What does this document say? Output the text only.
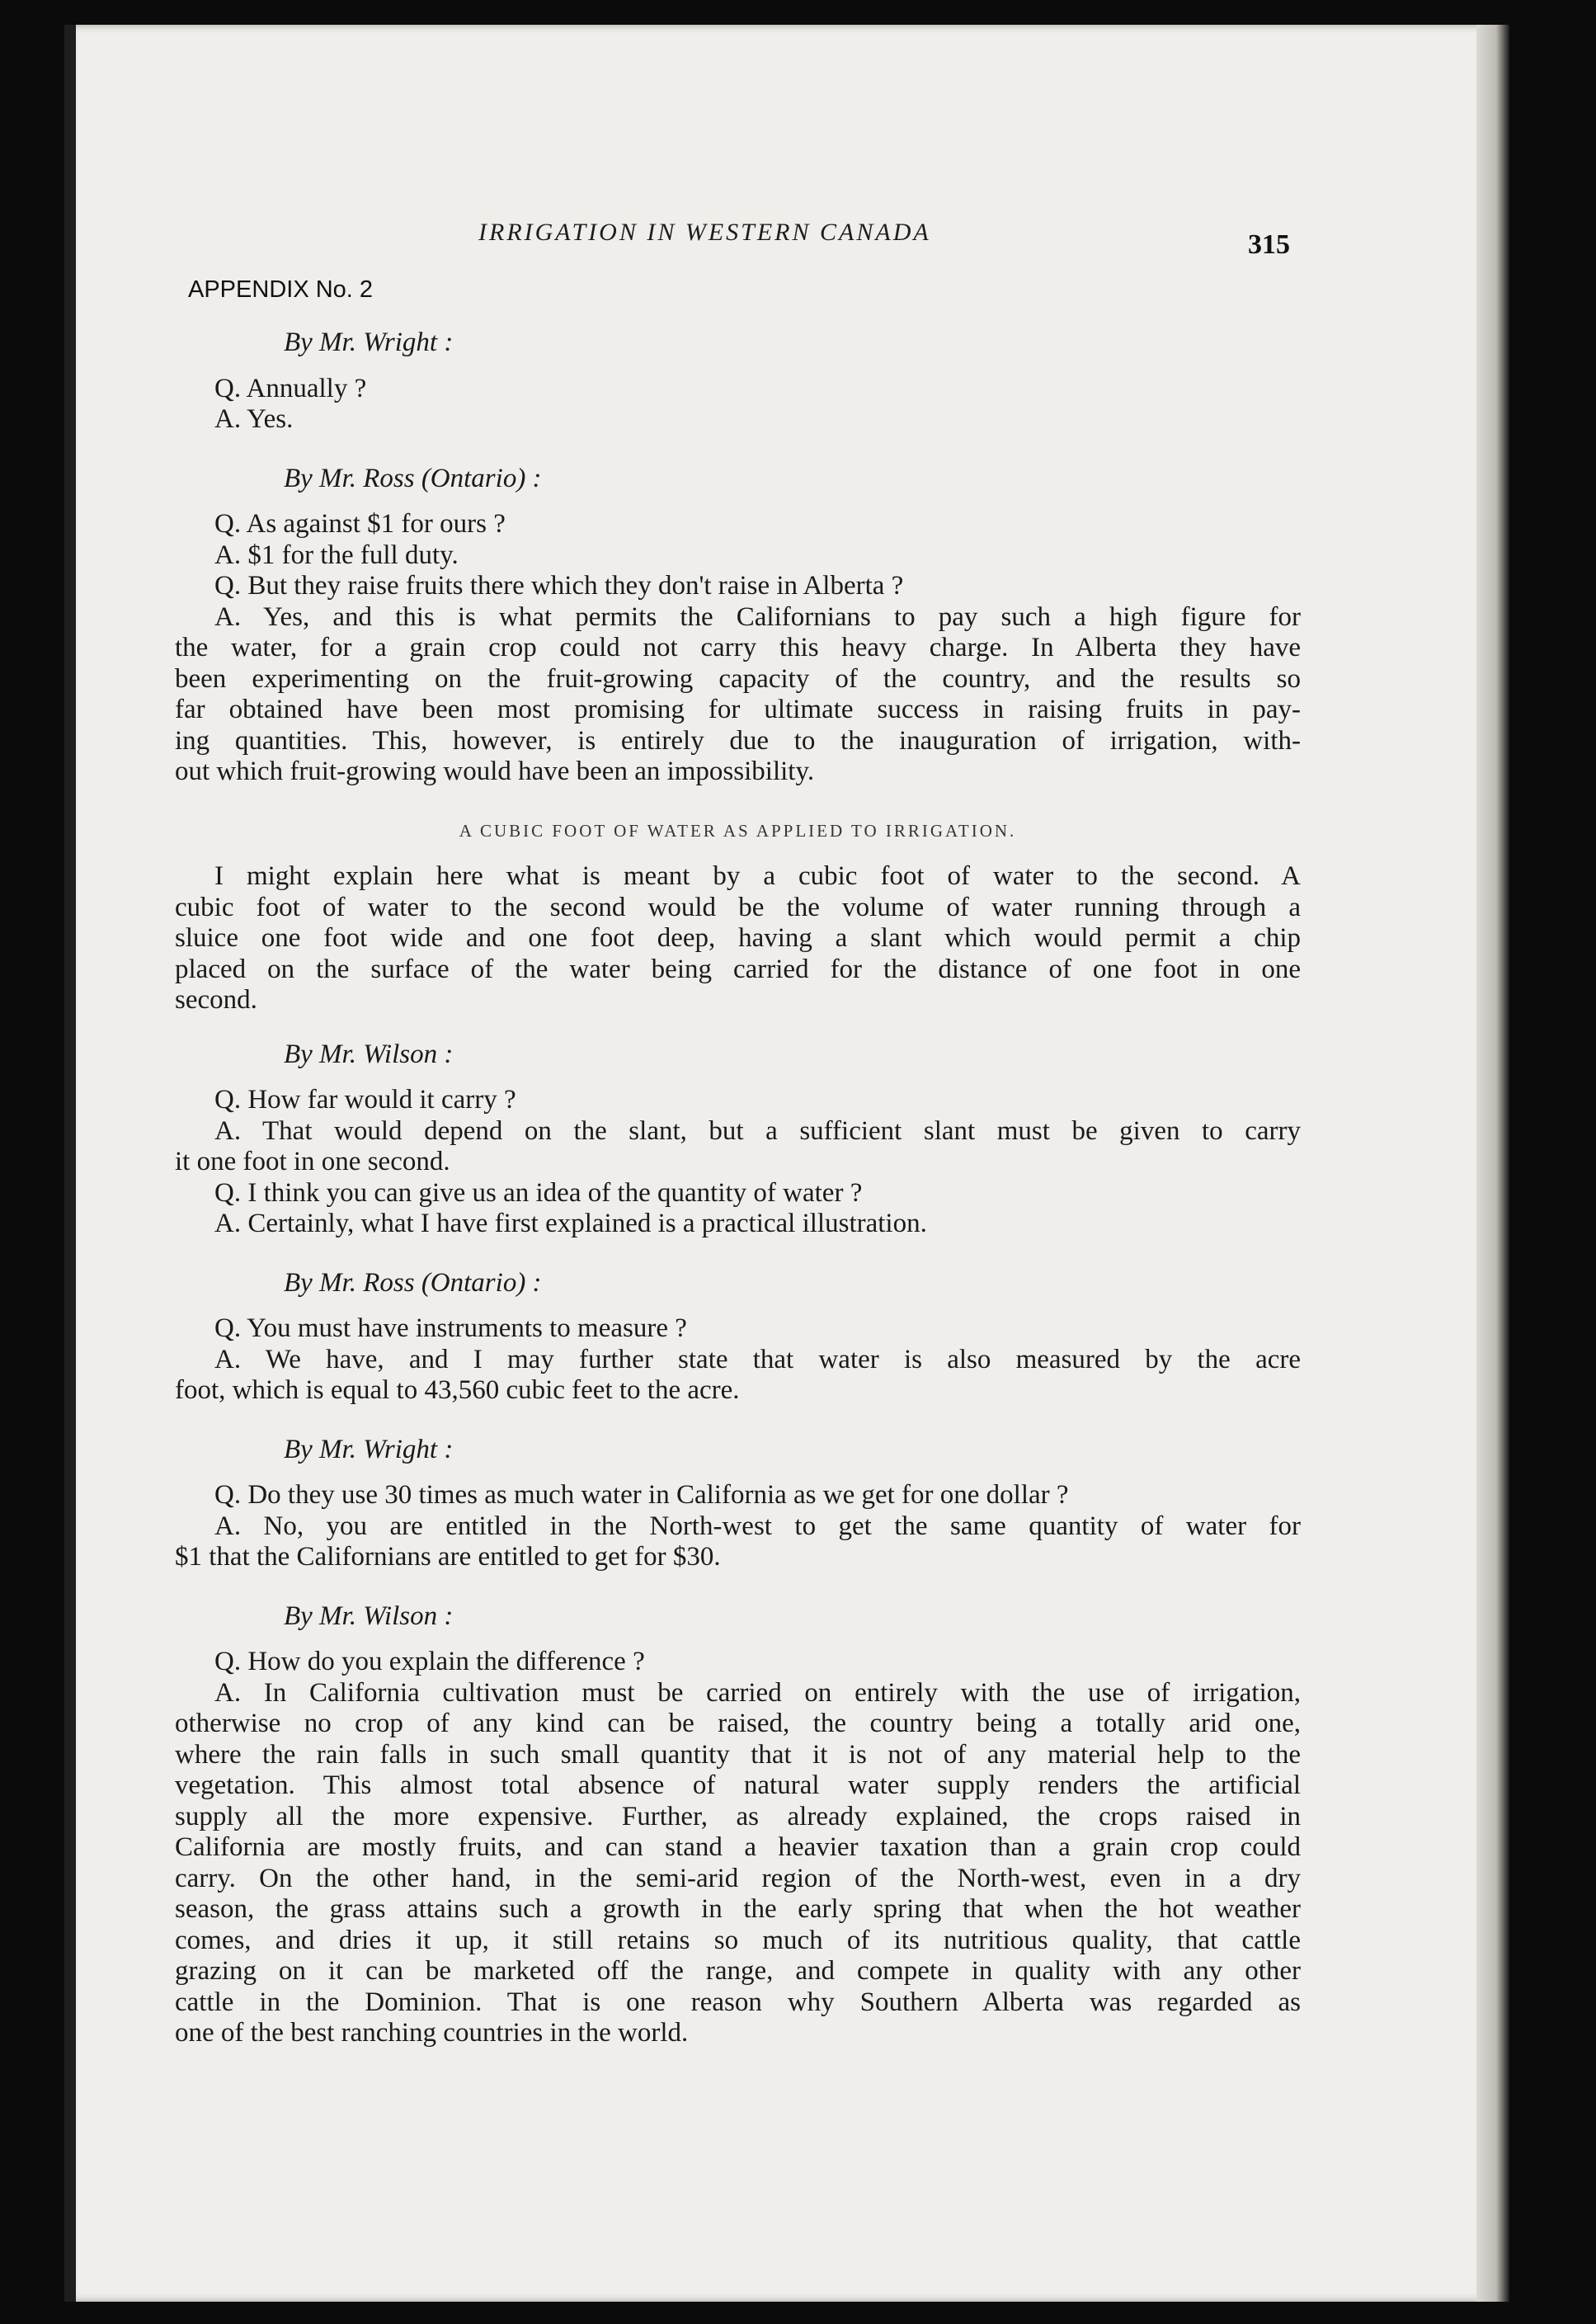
IRRIGATION IN WESTERN CANADA	315
APPENDIX No. 2

By Mr. Wright :

Q. Annually ?

A. Yes.

By Mr. Ross (Ontario) :

Q. As against $1 for ours ?

A. $1 for the full duty.

Q. But they raise fruits there which they don't raise in Alberta ?

A. Yes, and this is what permits the Californians to pay such a high figure for
the water, for a grain crop could not carry this heavy charge. In Alberta they have
been experimenting on the fruit-growing capacity of the country, and the results so
far obtained have been most promising for ultimate success in raising fruits in pay-
ing quantities. This, however, is entirely due to the inauguration of irrigation, with-
out which fruit-growing would have been an impossibility.

A CUBIC FOOT OF WATER AS APPLIED TO IRRIGATION.

I might explain here what is meant by a cubic foot of water to the second. A
cubic foot of water to the second would be the volume of water running through a
sluice one foot wide and one foot deep, having a slant which would permit a chip
placed on the surface of the water being carried for the distance of one foot in one
second.

By Mr. Wilson :

Q. How far would it carry ?

A. That would depend on the slant, but a sufficient slant must be given to carry
it one foot in one second.

Q. I think you can give us an idea of the quantity of water ?

A. Certainly, what I have first explained is a practical illustration.

By Mr. Ross (Ontario) :

Q. You must have instruments to measure ?

A. We have, and I may further state that water is also measured by the acre
foot, which is equal to 43,560 cubic feet to the acre.

By Mr. Wright :

Q. Do they use 30 times as much water in California as we get for one dollar ?

A. No, you are entitled in the North-west to get the same quantity of water for
$1 that the Californians are entitled to get for $30.

By Mr. Wilson :

Q. How do you explain the difference ?

A. In California cultivation must be carried on entirely with the use of irrigation,
otherwise no crop of any kind can be raised, the country being a totally arid one,
where the rain falls in such small quantity that it is not of any material help to the
vegetation. This almost total absence of natural water supply renders the artificial
supply all the more expensive. Further, as already explained, the crops raised in
California are mostly fruits, and can stand a heavier taxation than a grain crop could
carry. On the other hand, in the semi-arid region of the North-west, even in a dry
season, the grass attains such a growth in the early spring that when the hot weather
comes, and dries it up, it still retains so much of its nutritious quality, that cattle
grazing on it can be marketed off the range, and compete in quality with any other
cattle in the Dominion. That is one reason why Southern Alberta was regarded as
one of the best ranching countries in the world.
